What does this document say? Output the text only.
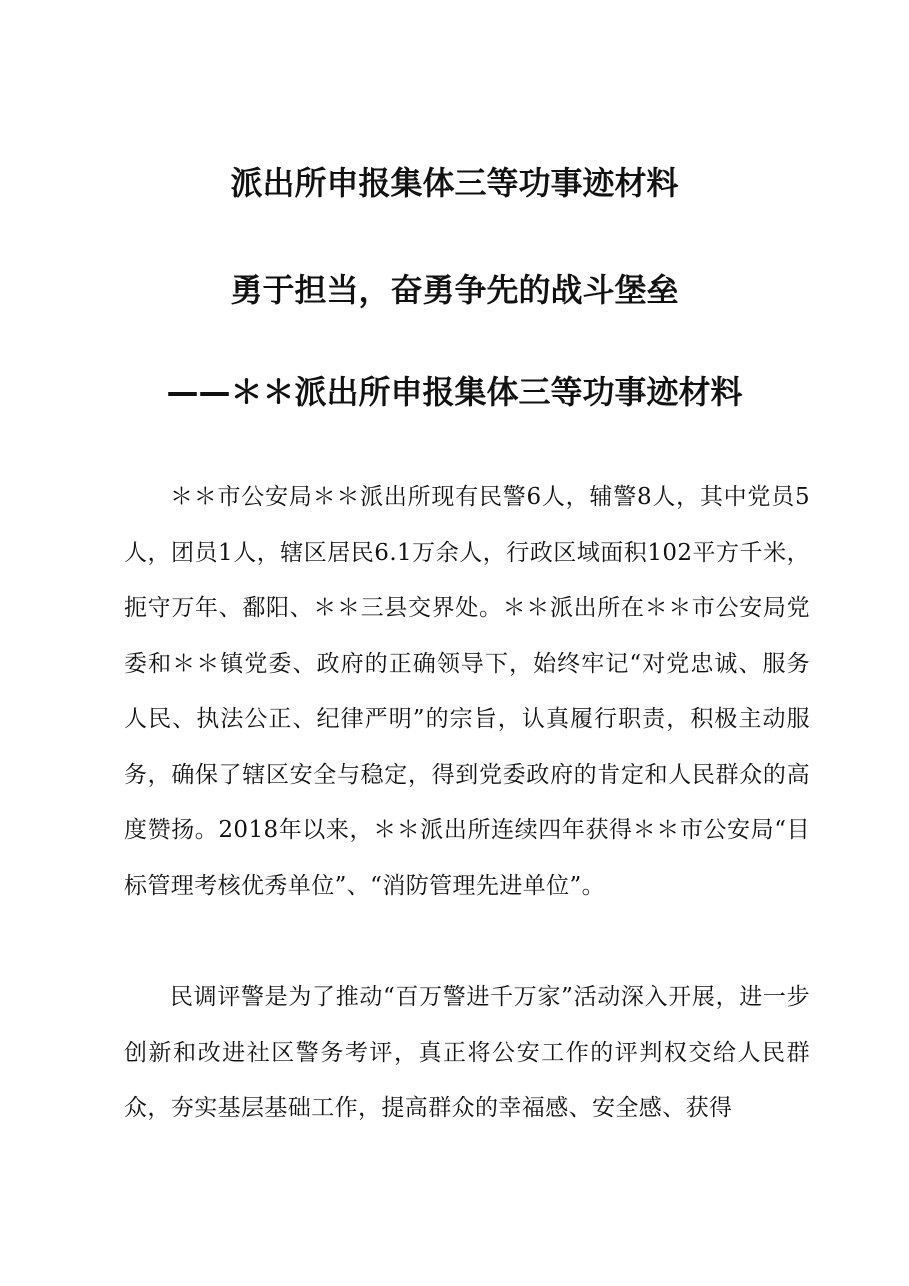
派出所申报集体三等功事迹材料
勇于担当，奋勇争先的战斗堡垒
——＊＊派出所申报集体三等功事迹材料

＊＊市公安局＊＊派出所现有民警6人，辅警8人，其中党员5人，团员1人，辖区居民6.1万余人，行政区域面积102平方千米，扼守万年、鄱阳、＊＊三县交界处。＊＊派出所在＊＊市公安局党委和＊＊镇党委、政府的正确领导下，始终牢记“对党忠诚、服务人民、执法公正、纪律严明”的宗旨，认真履行职责，积极主动服务，确保了辖区安全与稳定，得到党委政府的肯定和人民群众的高度赞扬。2018年以来，＊＊派出所连续四年获得＊＊市公安局“目标管理考核优秀单位”、“消防管理先进单位”。

民调评警是为了推动“百万警进千万家”活动深入开展，进一步创新和改进社区警务考评，真正将公安工作的评判权交给人民群众，夯实基层基础工作，提高群众的幸福感、安全感、获得
